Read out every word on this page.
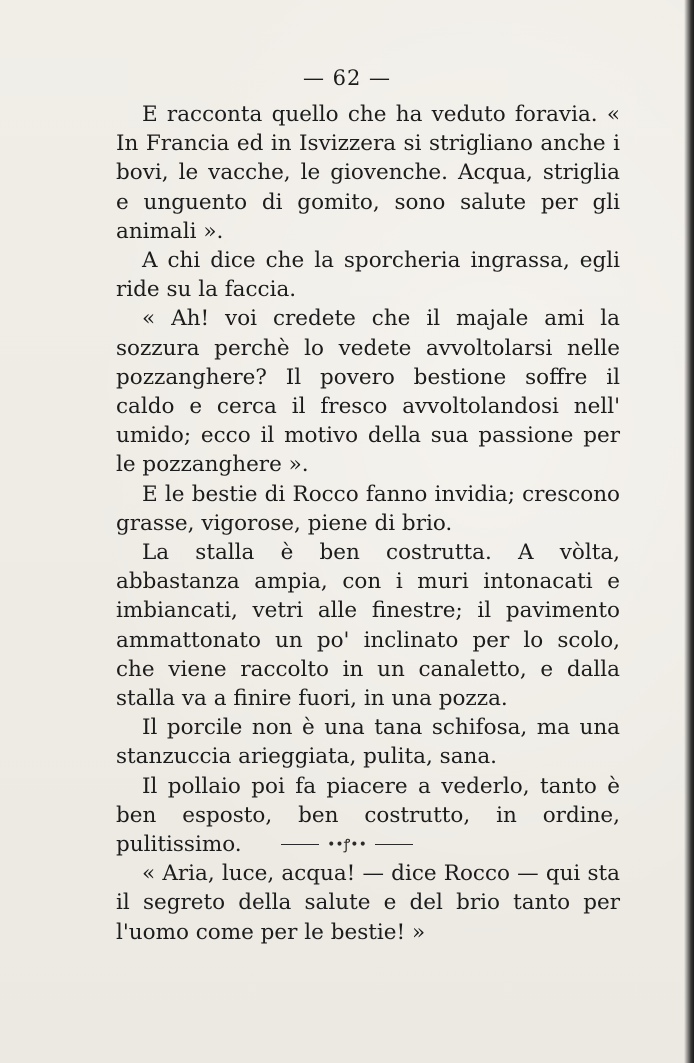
— 62 —

E racconta quello che ha veduto foravia. « In Francia ed in Isvizzera si strigliano anche i bovi, le vacche, le giovenche. Acqua, striglia e unguento di gomito, sono salute per gli animali ».

A chi dice che la sporcheria ingrassa, egli ride su la faccia.

« Ah! voi credete che il majale ami la sozzura perchè lo vedete avvoltolarsi nelle pozzanghere? Il povero bestione soffre il caldo e cerca il fresco avvoltolandosi nell' umido; ecco il motivo della sua passione per le pozzanghere ».

E le bestie di Rocco fanno invidia; crescono grasse, vigorose, piene di brio.

La stalla è ben costrutta. A vòlta, abbastanza ampia, con i muri intonacati e imbiancati, vetri alle finestre; il pavimento ammattonato un po' inclinato per lo scolo, che viene raccolto in un canaletto, e dalla stalla va a finire fuori, in una pozza.

Il porcile non è una tana schifosa, ma una stanzuccia arieggiata, pulita, sana.

Il pollaio poi fa piacere a vederlo, tanto è ben esposto, ben costrutto, in ordine, pulitissimo.

« Aria, luce, acqua! — dice Rocco — qui sta il segreto della salute e del brio tanto per l'uomo come per le bestie! »

••ꝭ••
